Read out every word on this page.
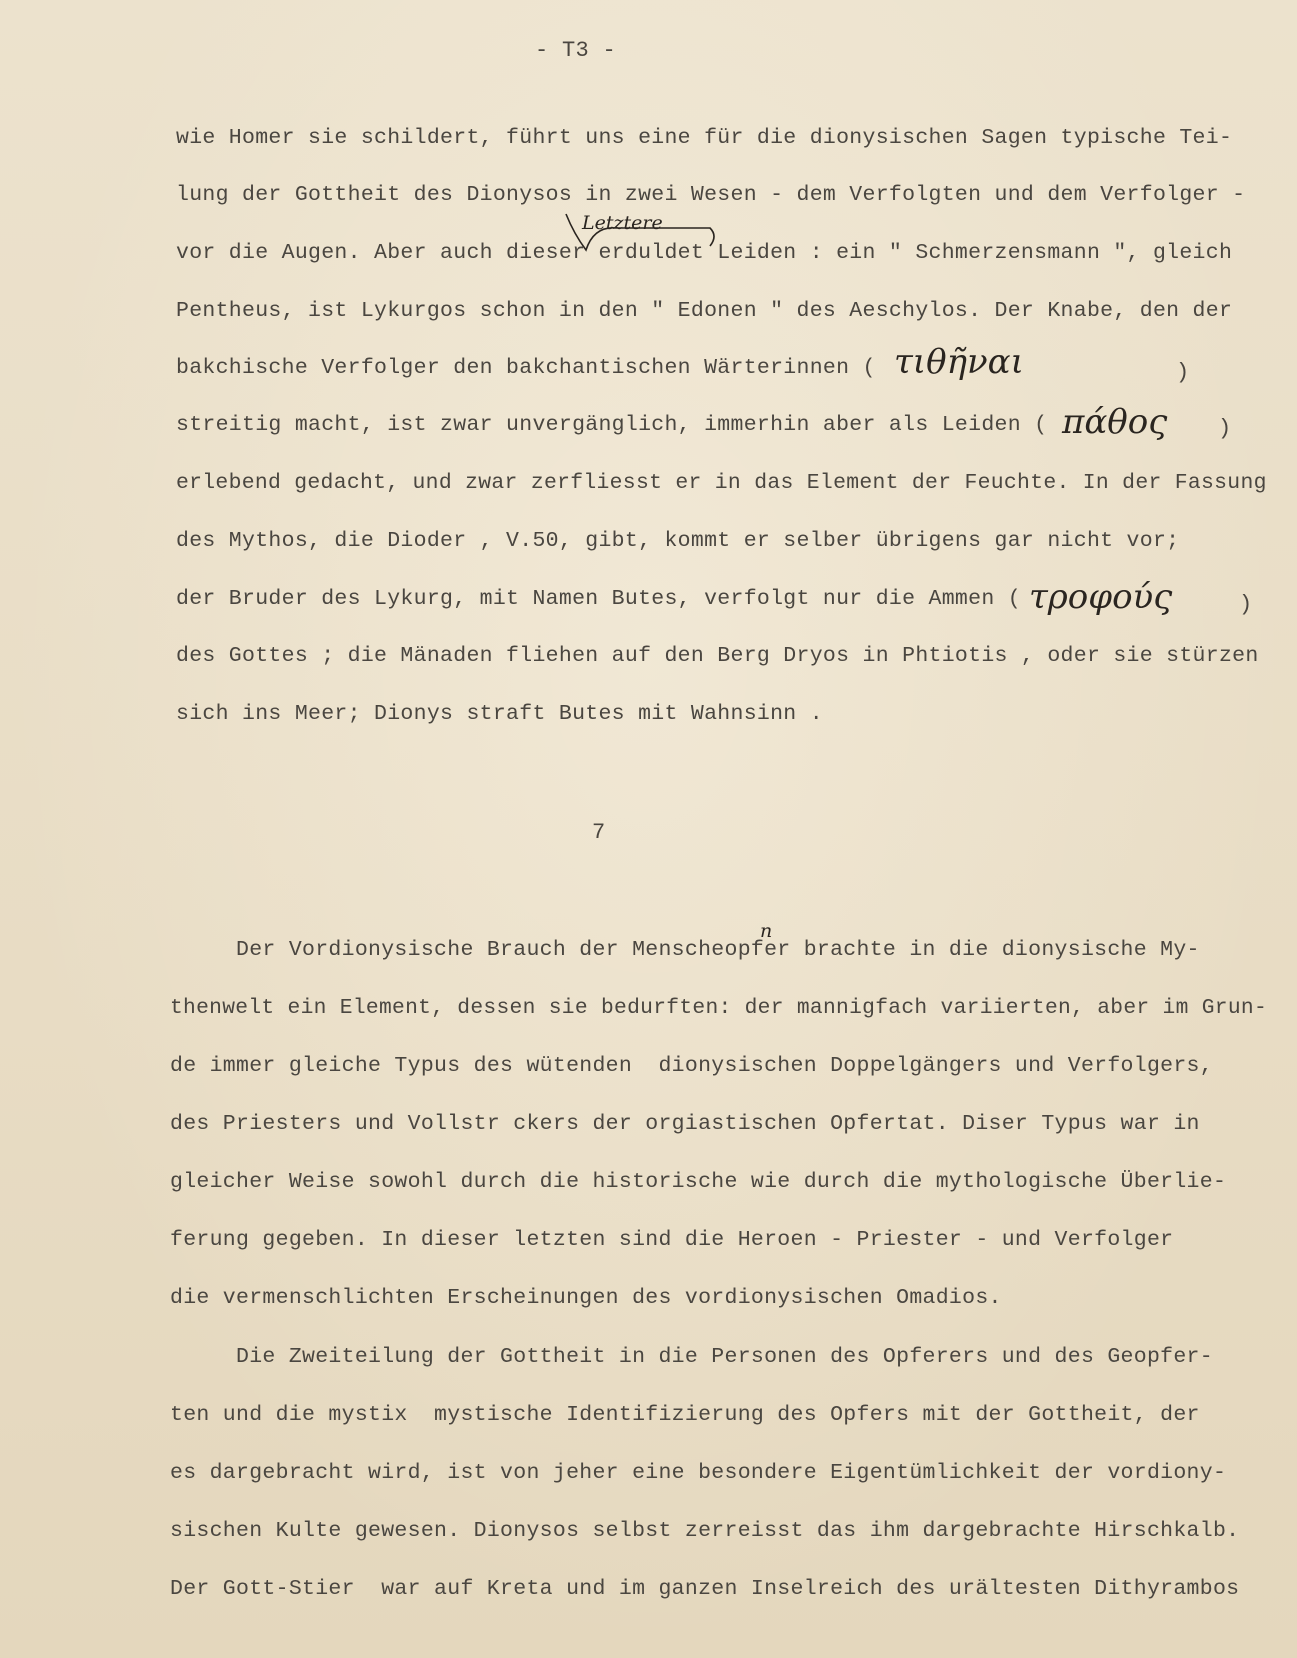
- T3 -
wie Homer sie schildert, führt uns eine für die dionysischen Sagen typische Tei-
lung der Gottheit des Dionysos in zwei Wesen - dem Verfolgten und dem Verfolger -
vor die Augen. Aber auch dieser erduldet Leiden : ein " Schmerzensmann ", gleich
Pentheus, ist Lykurgos schon in den " Edonen " des Aeschylos. Der Knabe, den der
bakchische Verfolger den bakchantischen Wärterinnen (	)
streitig macht, ist zwar unvergänglich, immerhin aber als Leiden (	)
erlebend gedacht, und zwar zerfliesst er in das Element der Feuchte. In der Fassung
des Mythos, die Dioder , V.50, gibt, kommt er selber übrigens gar nicht vor;
der Bruder des Lykurg, mit Namen Butes, verfolgt nur die Ammen (	)
des Gottes ; die Mänaden fliehen auf den Berg Dryos in Phtiotis , oder sie stürzen
sich ins Meer; Dionys straft Butes mit Wahnsinn .
Letztere
τιθῆναι
πάθος
τροφούς
n
7
Der Vordionysische Brauch der Menscheopfer brachte in die dionysische My-
thenwelt ein Element, dessen sie bedurften: der mannigfach variierten, aber im Grun-
de immer gleiche Typus des wütenden  dionysischen Doppelgängers und Verfolgers,
des Priesters und Vollstr ckers der orgiastischen Opfertat. Diser Typus war in
gleicher Weise sowohl durch die historische wie durch die mythologische Überlie-
ferung gegeben. In dieser letzten sind die Heroen - Priester - und Verfolger
die vermenschlichten Erscheinungen des vordionysischen Omadios.
Die Zweiteilung der Gottheit in die Personen des Opferers und des Geopfer-
ten und die mystix  mystische Identifizierung des Opfers mit der Gottheit, der
es dargebracht wird, ist von jeher eine besondere Eigentümlichkeit der vordiony-
sischen Kulte gewesen. Dionysos selbst zerreisst das ihm dargebrachte Hirschkalb.
Der Gott-Stier  war auf Kreta und im ganzen Inselreich des urältesten Dithyrambos
